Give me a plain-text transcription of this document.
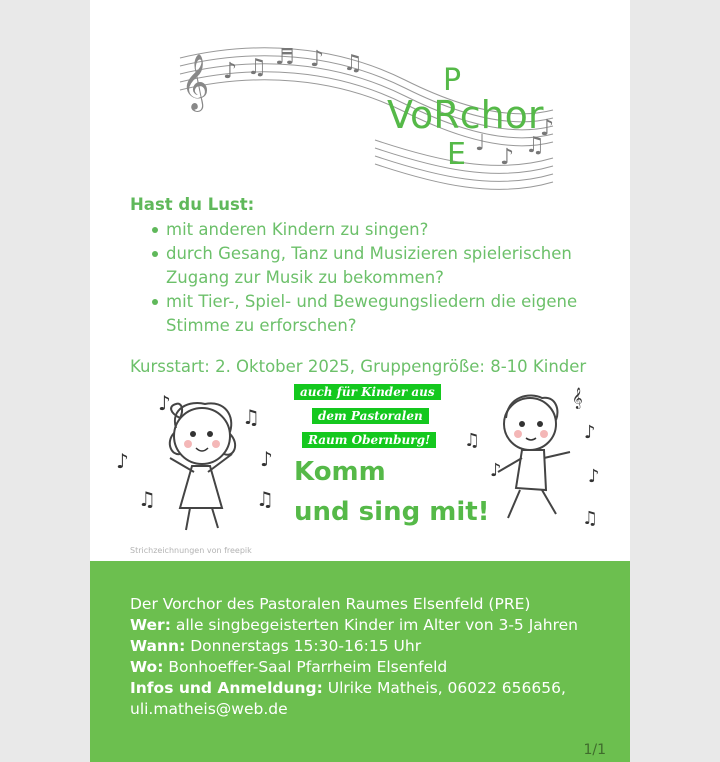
𝄞 ♪ ♫ ♬ ♪ ♫
♩
♪ ♫
♪
P
VoRchor
E
Hast du Lust:
mit anderen Kindern zu singen?
durch Gesang, Tanz und Musizieren spielerischen Zugang zur Musik zu bekommen?
mit Tier-, Spiel- und Bewegungsliedern die eigene Stimme zu erforschen?
Kursstart: 2. Oktober 2025, Gruppengröße: 8-10 Kinder
♪
♫
♪	♪
♫	♫
auch für Kinder aus
dem Pastoralen
Raum Obernburg!
Komm
und sing mit!
𝄞
♫	♪
♪
♫
♪
Strichzeichnungen von freepik
Der Vorchor des Pastoralen Raumes Elsenfeld (PRE)
Wer: alle singbegeisterten Kinder im Alter von 3-5 Jahren
Wann: Donnerstags 15:30-16:15 Uhr
Wo: Bonhoeffer-Saal Pfarrheim Elsenfeld
Infos und Anmeldung: Ulrike Matheis, 06022 656656,
uli.matheis@web.de
1/1
